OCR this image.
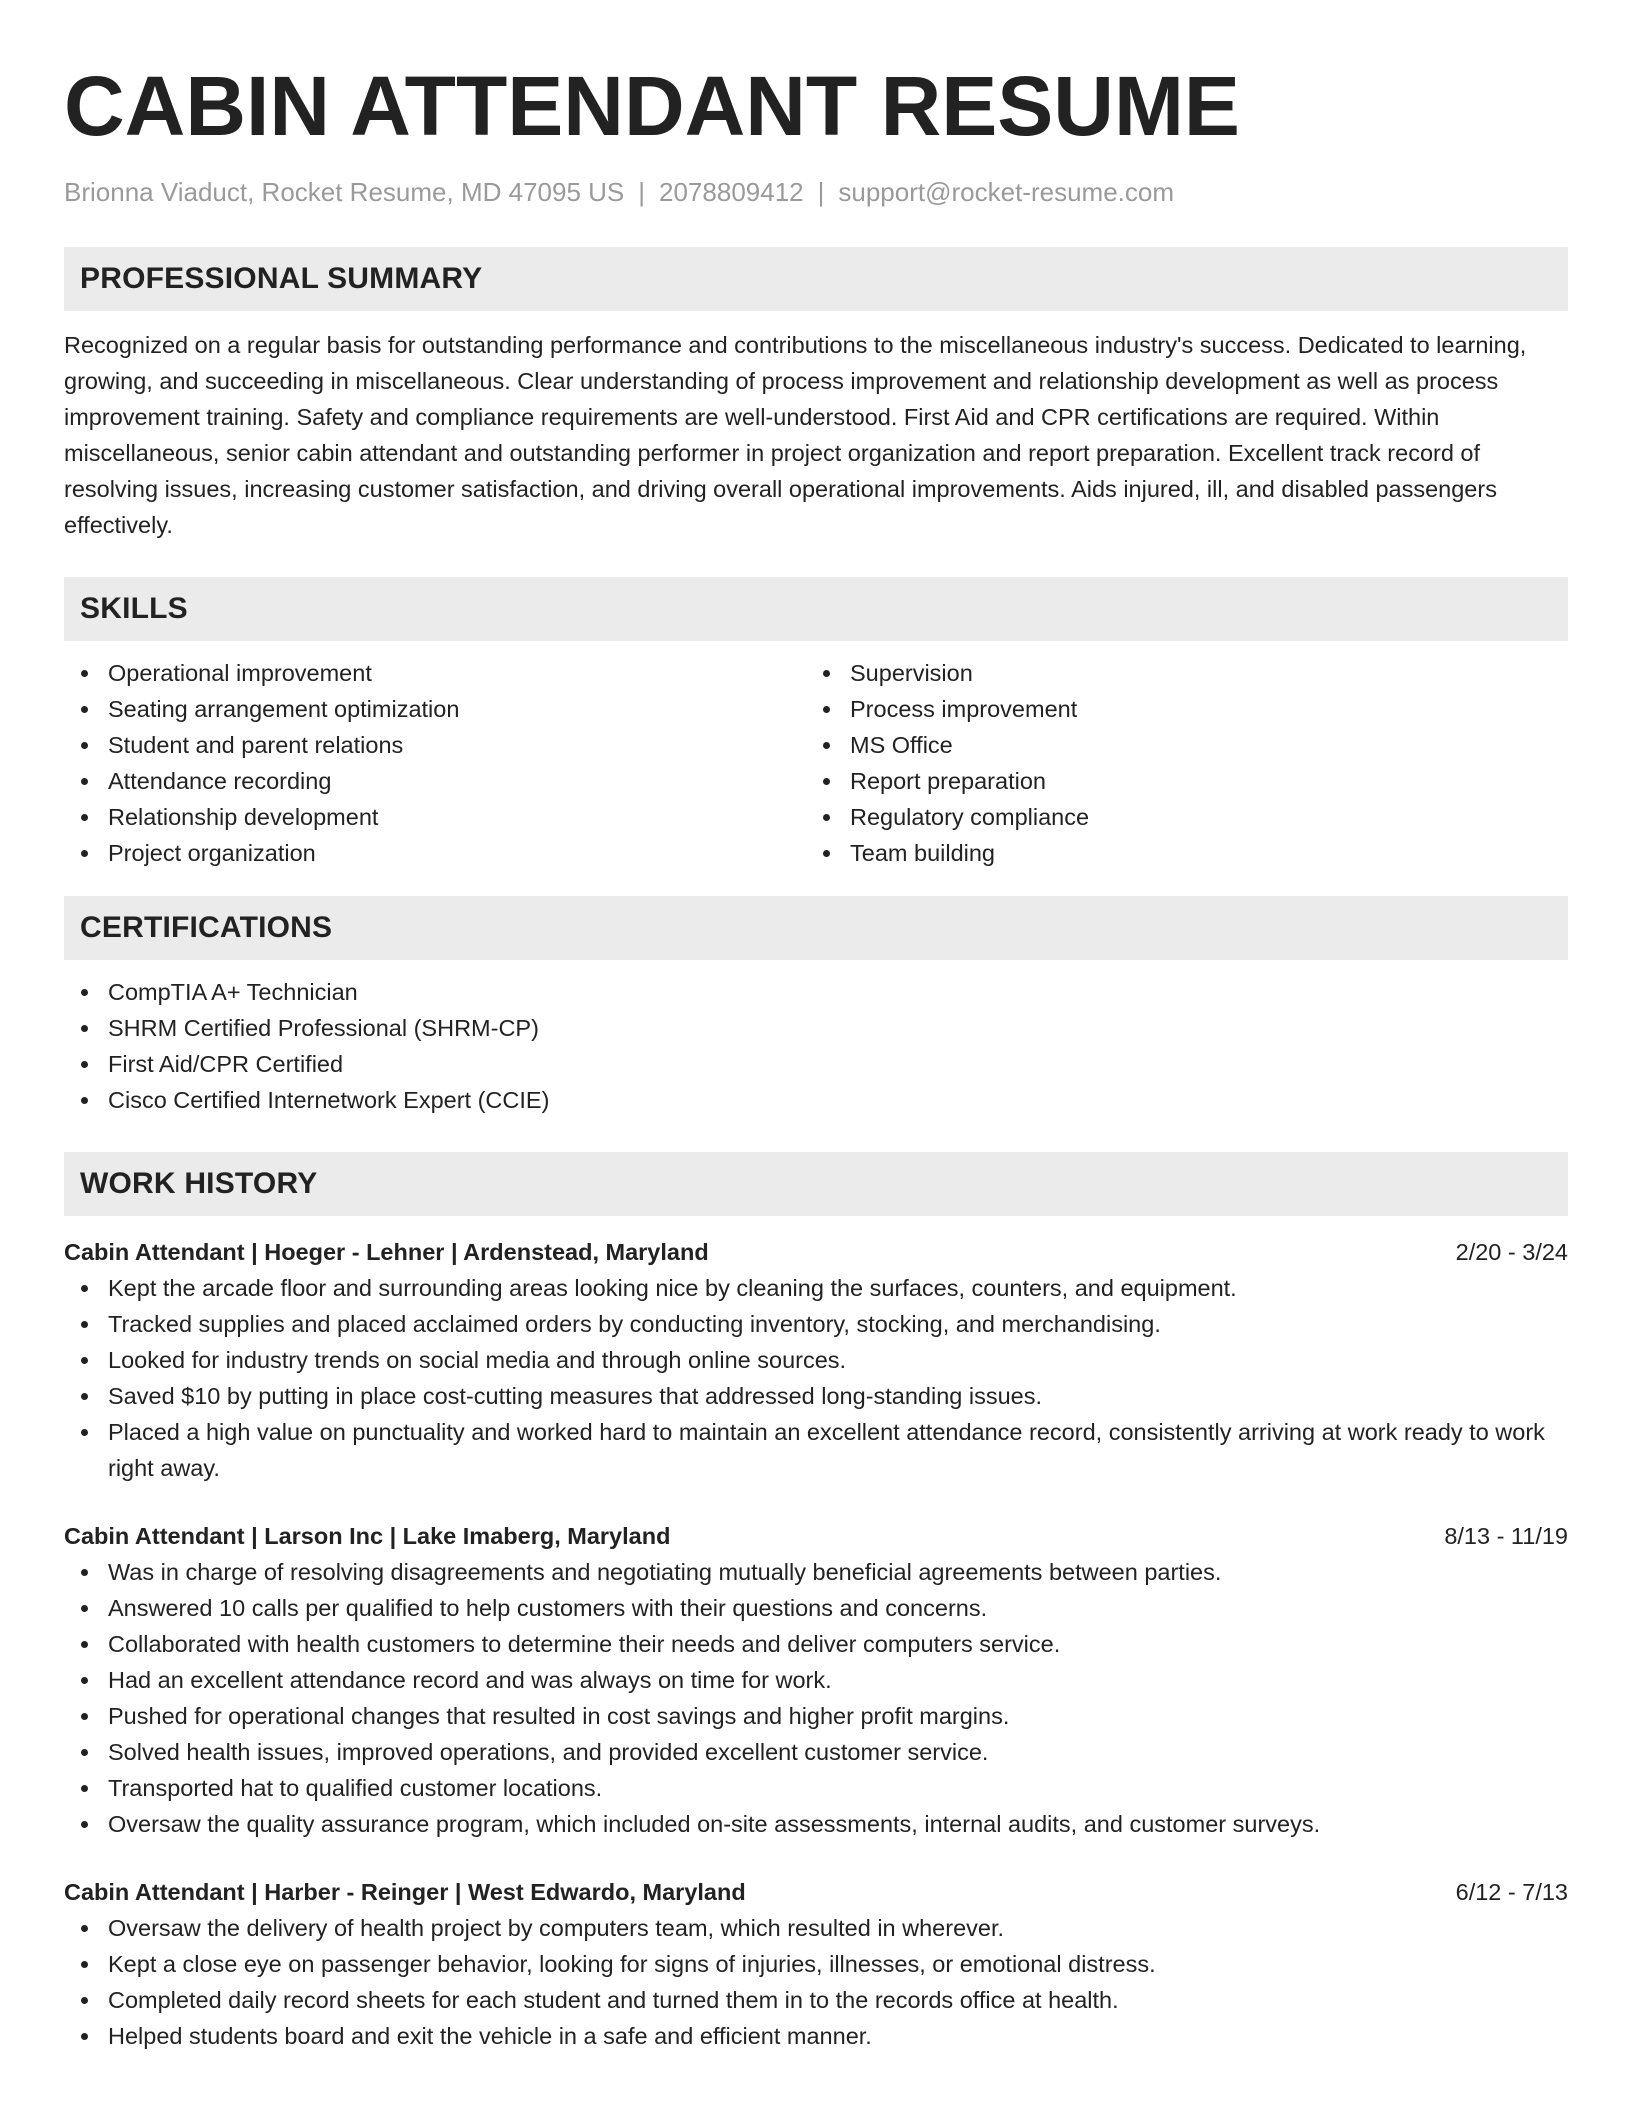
CABIN ATTENDANT RESUME
Brionna Viaduct, Rocket Resume, MD 47095 US | 2078809412 | support@rocket-resume.com
PROFESSIONAL SUMMARY

Recognized on a regular basis for outstanding performance and contributions to the miscellaneous industry's success. Dedicated to learning, growing, and succeeding in miscellaneous. Clear understanding of process improvement and relationship development as well as process improvement training. Safety and compliance requirements are well-understood. First Aid and CPR certifications are required. Within miscellaneous, senior cabin attendant and outstanding performer in project organization and report preparation. Excellent track record of resolving issues, increasing customer satisfaction, and driving overall operational improvements. Aids injured, ill, and disabled passengers effectively.

SKILLS
Operational improvement
Seating arrangement optimization
Student and parent relations
Attendance recording
Relationship development
Project organization
Supervision
Process improvement
MS Office
Report preparation
Regulatory compliance
Team building
CERTIFICATIONS
CompTIA A+ Technician
SHRM Certified Professional (SHRM-CP)
First Aid/CPR Certified
Cisco Certified Internetwork Expert (CCIE)
WORK HISTORY
Cabin Attendant | Hoeger - Lehner | Ardenstead, Maryland	2/20 - 3/24
Kept the arcade floor and surrounding areas looking nice by cleaning the surfaces, counters, and equipment.
Tracked supplies and placed acclaimed orders by conducting inventory, stocking, and merchandising.
Looked for industry trends on social media and through online sources.
Saved $10 by putting in place cost-cutting measures that addressed long-standing issues.
Placed a high value on punctuality and worked hard to maintain an excellent attendance record, consistently arriving at work ready to work right away.
Cabin Attendant | Larson Inc | Lake Imaberg, Maryland	8/13 - 11/19
Was in charge of resolving disagreements and negotiating mutually beneficial agreements between parties.
Answered 10 calls per qualified to help customers with their questions and concerns.
Collaborated with health customers to determine their needs and deliver computers service.
Had an excellent attendance record and was always on time for work.
Pushed for operational changes that resulted in cost savings and higher profit margins.
Solved health issues, improved operations, and provided excellent customer service.
Transported hat to qualified customer locations.
Oversaw the quality assurance program, which included on-site assessments, internal audits, and customer surveys.
Cabin Attendant | Harber - Reinger | West Edwardo, Maryland	6/12 - 7/13
Oversaw the delivery of health project by computers team, which resulted in wherever.
Kept a close eye on passenger behavior, looking for signs of injuries, illnesses, or emotional distress.
Completed daily record sheets for each student and turned them in to the records office at health.
Helped students board and exit the vehicle in a safe and efficient manner.
